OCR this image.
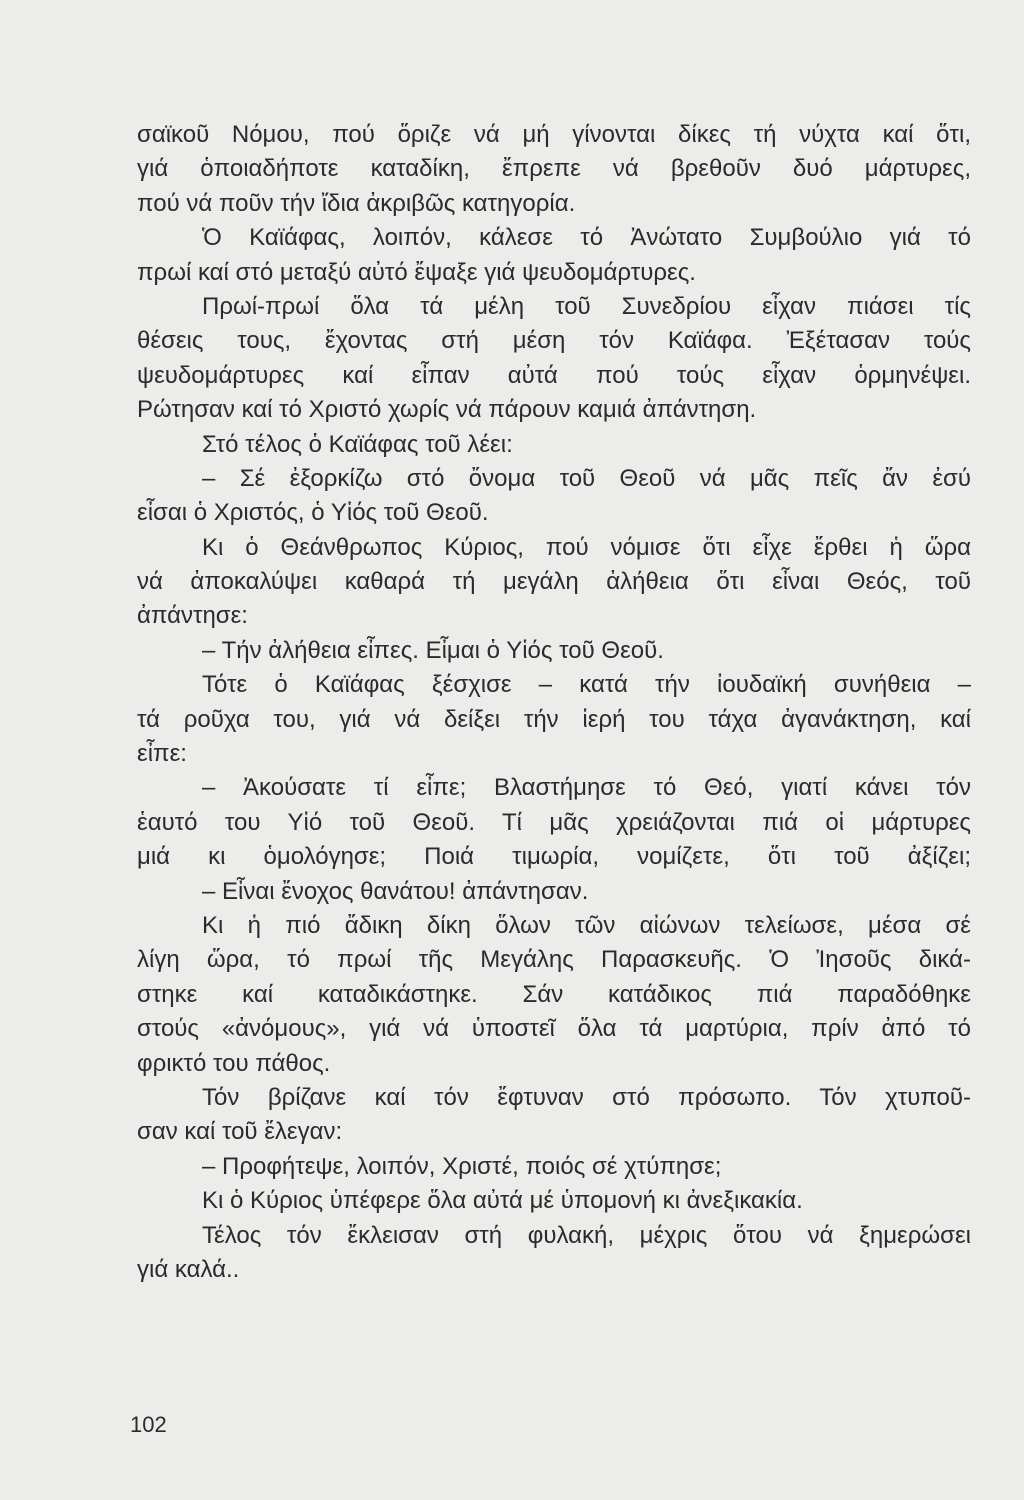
σαϊκοῦ Νόμου, πού ὅριζε νά μή γίνονται δίκες τή νύχτα καί ὅτι,
γιά ὁποιαδήποτε καταδίκη, ἔπρεπε νά βρεθοῦν δυό μάρτυρες,
πού νά ποῦν τήν ἴδια ἀκριβῶς κατηγορία.
Ὁ Καϊάφας, λοιπόν, κάλεσε τό Ἀνώτατο Συμβούλιο γιά τό
πρωί καί στό μεταξύ αὐτό ἔψαξε γιά ψευδομάρτυρες.
Πρωί-πρωί ὅλα τά μέλη τοῦ Συνεδρίου εἶχαν πιάσει τίς
θέσεις τους, ἔχοντας στή μέση τόν Καϊάφα. Ἐξέτασαν τούς
ψευδομάρτυρες καί εἶπαν αὐτά πού τούς εἶχαν ὁρμηνέψει.
Ρώτησαν καί τό Χριστό χωρίς νά πάρουν καμιά ἀπάντηση.
Στό τέλος ὁ Καϊάφας τοῦ λέει:
– Σέ ἐξορκίζω στό ὄνομα τοῦ Θεοῦ νά μᾶς πεῖς ἄν ἐσύ
εἶσαι ὁ Χριστός, ὁ Υἱός τοῦ Θεοῦ.
Κι ὁ Θεάνθρωπος Κύριος, πού νόμισε ὅτι εἶχε ἔρθει ἡ ὥρα
νά ἀποκαλύψει καθαρά τή μεγάλη ἀλήθεια ὅτι εἶναι Θεός, τοῦ
ἀπάντησε:
– Τήν ἀλήθεια εἶπες. Εἶμαι ὁ Υἱός τοῦ Θεοῦ.
Τότε ὁ Καϊάφας ξέσχισε – κατά τήν ἰουδαϊκή συνήθεια –
τά ροῦχα του, γιά νά δείξει τήν ἱερή του τάχα ἀγανάκτηση, καί
εἶπε:
– Ἀκούσατε τί εἶπε; Βλαστήμησε τό Θεό, γιατί κάνει τόν
ἑαυτό του Υἱό τοῦ Θεοῦ. Τί μᾶς χρειάζονται πιά οἱ μάρτυρες
μιά κι ὁμολόγησε; Ποιά τιμωρία, νομίζετε, ὅτι τοῦ ἀξίζει;
– Εἶναι ἔνοχος θανάτου! ἀπάντησαν.
Κι ἡ πιό ἄδικη δίκη ὅλων τῶν αἰώνων τελείωσε, μέσα σέ
λίγη ὥρα, τό πρωί τῆς Μεγάλης Παρασκευῆς. Ὁ Ἰησοῦς δικά-
στηκε καί καταδικάστηκε. Σάν κατάδικος πιά παραδόθηκε
στούς «ἀνόμους», γιά νά ὑποστεῖ ὅλα τά μαρτύρια, πρίν ἀπό τό
φρικτό του πάθος.
Τόν βρίζανε καί τόν ἔφτυναν στό πρόσωπο. Τόν χτυποῦ-
σαν καί τοῦ ἔλεγαν:
– Προφήτεψε, λοιπόν, Χριστέ, ποιός σέ χτύπησε;
Κι ὁ Κύριος ὑπέφερε ὅλα αὐτά μέ ὑπομονή κι ἀνεξικακία.
Τέλος τόν ἔκλεισαν στή φυλακή, μέχρις ὅτου νά ξημερώσει
γιά καλά..
102
